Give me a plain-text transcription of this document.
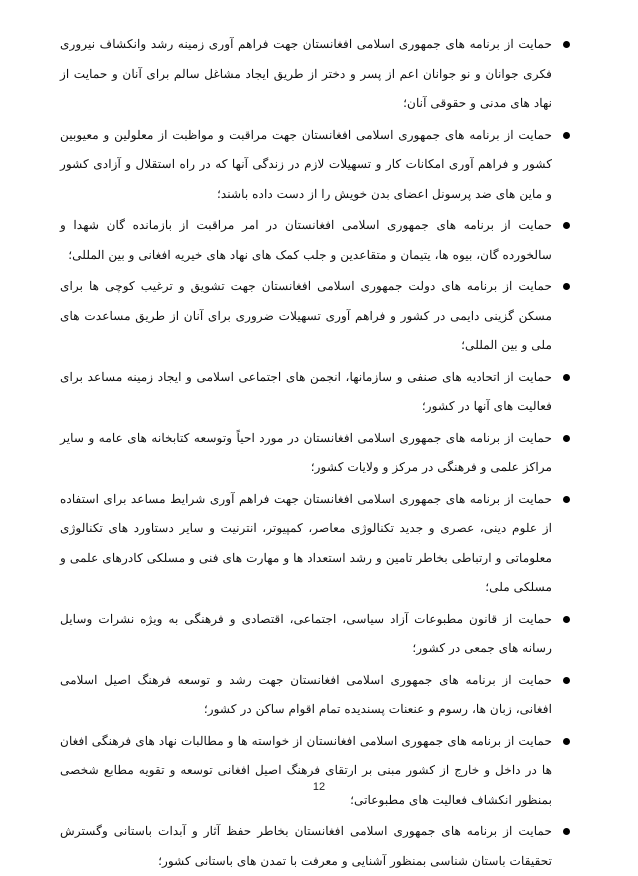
حمایت از برنامه های جمهوری اسلامی افغانستان جهت فراهم آوری زمینه رشد وانکشاف نیروری فکری جوانان و نو جوانان اعم از پسر و دختر از طریق ایجاد مشاغل سالم برای آنان و حمایت از نهاد های مدنی و حقوقی آنان؛
حمایت از برنامه های جمهوری اسلامی افغانستان جهت مراقبت و مواظبت از معلولین و معیوبین کشور و فراهم آوری امکانات کار و تسهیلات لازم در زندگی آنها که در راه استقلال و آزادی کشور و ماین های ضد پرسونل اعضای بدن خویش را از دست داده باشند؛
حمایت از برنامه های جمهوری اسلامی افغانستان در امر مراقبت از بازمانده گان شهدا و سالخورده گان، بیوه ها، یتیمان و متقاعدین و جلب کمک های نهاد های خیریه افغانی و بین المللی؛
حمایت از برنامه های دولت جمهوری اسلامی افغانستان جهت تشویق و ترغیب کوچی ها برای مسکن گزینی دایمی در کشور و فراهم آوری تسهیلات ضروری برای آنان از طریق مساعدت های ملی و بین المللی؛
حمایت از اتحادیه های صنفی و سازمانها، انجمن های اجتماعی اسلامی و ایجاد زمینه مساعد برای فعالیت های آنها در کشور؛
حمایت از برنامه های جمهوری اسلامی افغانستان در مورد احیاً وتوسعه کتابخانه های عامه و سایر مراکز علمی و فرهنگی در مرکز و ولایات کشور؛
حمایت از برنامه های جمهوری اسلامی افغانستان جهت فراهم آوری شرایط مساعد برای استفاده از علوم دینی، عصری و جدید تکنالوژی معاصر، کمپیوتر، انترنیت و سایر دستاورد های تکنالوژی معلوماتی و ارتباطی بخاطر تامین و رشد استعداد ها و مهارت های فنی و مسلکی کادرهای علمی و مسلکی ملی؛
حمایت از قانون مطبوعات آزاد سیاسی، اجتماعی، اقتصادی و فرهنگی به ویژه نشرات وسایل رسانه های جمعی در کشور؛
حمایت از برنامه های جمهوری اسلامی افغانستان جهت رشد و توسعه فرهنگ اصیل اسلامی افغانی، زبان ها، رسوم و عنعنات پسندیده تمام اقوام ساکن در کشور؛
حمایت از برنامه های جمهوری اسلامی افغانستان از خواسته ها و مطالبات نهاد های فرهنگی افغان ها در داخل و خارج از کشور مبنی بر ارتقای فرهنگ اصیل افغانی توسعه و تقویه مطابع شخصی بمنظور انکشاف فعالیت های مطبوعاتی؛
حمایت از برنامه های جمهوری اسلامی افغانستان بخاطر حفظ آثار و آبدات باستانی وگسترش تحقیقات باستان شناسی بمنظور آشنایی و معرفت با تمدن های باستانی کشور؛
12
